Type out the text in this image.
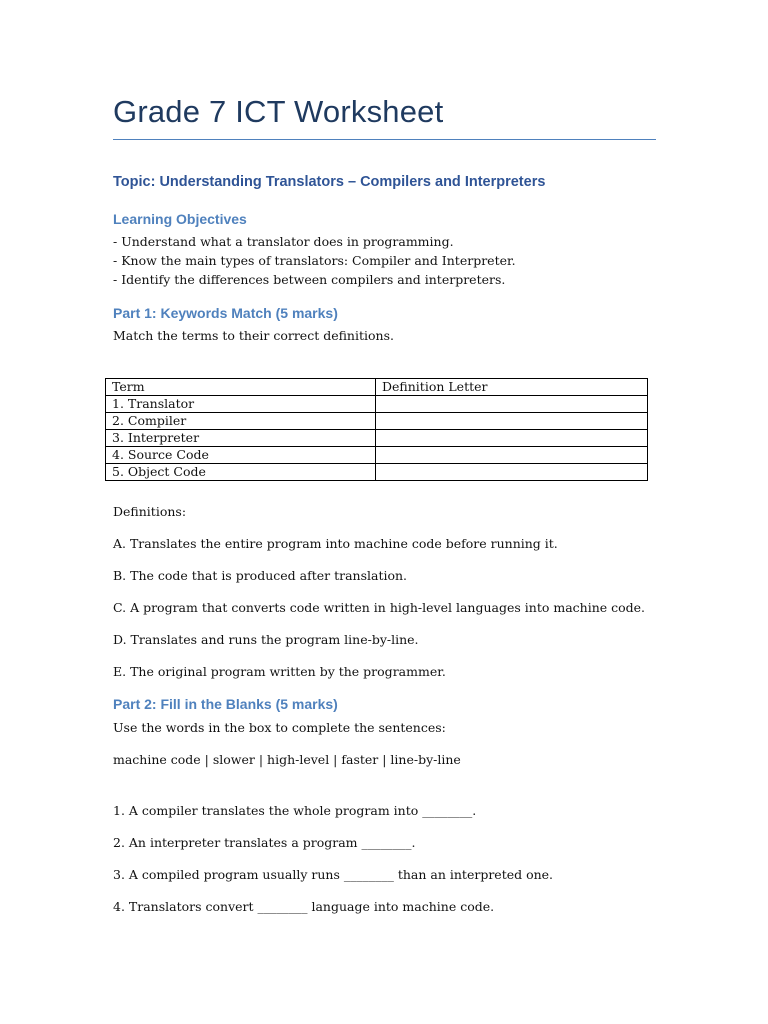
Grade 7 ICT Worksheet
Topic: Understanding Translators – Compilers and Interpreters
Learning Objectives
- Understand what a translator does in programming.
- Know the main types of translators: Compiler and Interpreter.
- Identify the differences between compilers and interpreters.
Part 1: Keywords Match (5 marks)
Match the terms to their correct definitions.
Term	Definition Letter
1. Translator	
2. Compiler	
3. Interpreter	
4. Source Code	
5. Object Code	
Definitions:
A. Translates the entire program into machine code before running it.
B. The code that is produced after translation.
C. A program that converts code written in high-level languages into machine code.
D. Translates and runs the program line-by-line.
E. The original program written by the programmer.
Part 2: Fill in the Blanks (5 marks)
Use the words in the box to complete the sentences:
machine code | slower | high-level | faster | line-by-line
1. A compiler translates the whole program into ________.
2. An interpreter translates a program ________.
3. A compiled program usually runs ________ than an interpreted one.
4. Translators convert ________ language into machine code.
